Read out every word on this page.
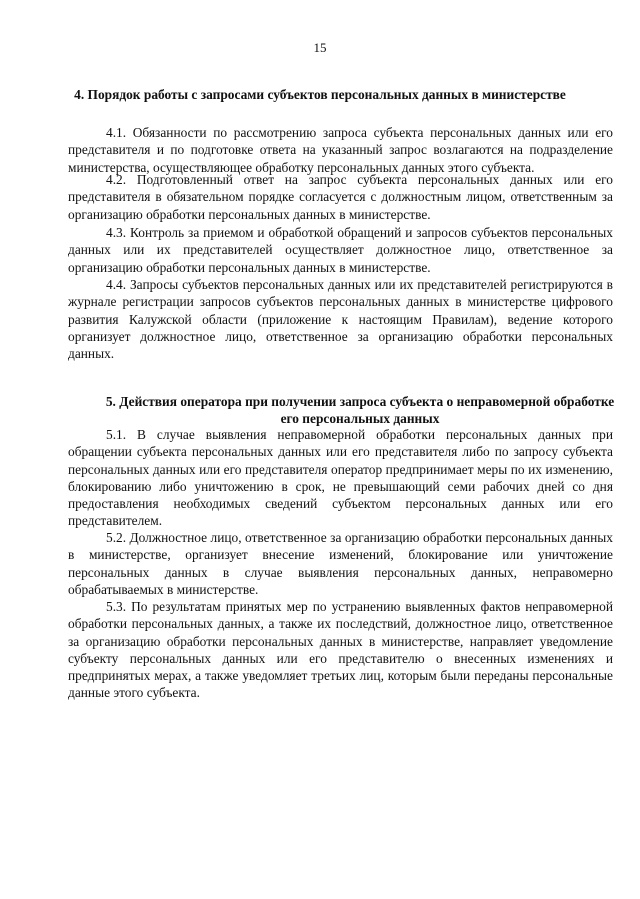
15
4. Порядок работы с запросами субъектов персональных данных в министерстве
4.1. Обязанности по рассмотрению запроса субъекта персональных данных или его представителя и по подготовке ответа на указанный запрос возлагаются на подразделение министерства, осуществляющее обработку персональных данных этого субъекта.
4.2. Подготовленный ответ на запрос субъекта персональных данных или его представителя в обязательном порядке согласуется с должностным лицом, ответственным за организацию обработки персональных данных в министерстве.
4.3. Контроль за приемом и обработкой обращений и запросов субъектов персональных данных или их представителей осуществляет должностное лицо, ответственное за организацию обработки персональных данных в министерстве.
4.4. Запросы субъектов персональных данных или их представителей регистрируются в журнале регистрации запросов субъектов персональных данных в министерстве цифрового развития Калужской области (приложение к настоящим Правилам), ведение которого организует должностное лицо, ответственное за организацию обработки персональных данных.
5. Действия оператора при получении запроса субъекта о неправомерной обработке его персональных данных
5.1. В случае выявления неправомерной обработки персональных данных при обращении субъекта персональных данных или его представителя либо по запросу субъекта персональных данных или его представителя оператор предпринимает меры по их изменению, блокированию либо уничтожению в срок, не превышающий семи рабочих дней со дня предоставления необходимых сведений субъектом персональных данных или его представителем.
5.2. Должностное лицо, ответственное за организацию обработки персональных данных в министерстве, организует внесение изменений, блокирование или уничтожение персональных данных в случае выявления персональных данных, неправомерно обрабатываемых в министерстве.
5.3. По результатам принятых мер по устранению выявленных фактов неправомерной обработки персональных данных, а также их последствий, должностное лицо, ответственное за организацию обработки персональных данных в министерстве, направляет уведомление субъекту персональных данных или его представителю о внесенных изменениях и предпринятых мерах, а также уведомляет третьих лиц, которым были переданы персональные данные этого субъекта.
